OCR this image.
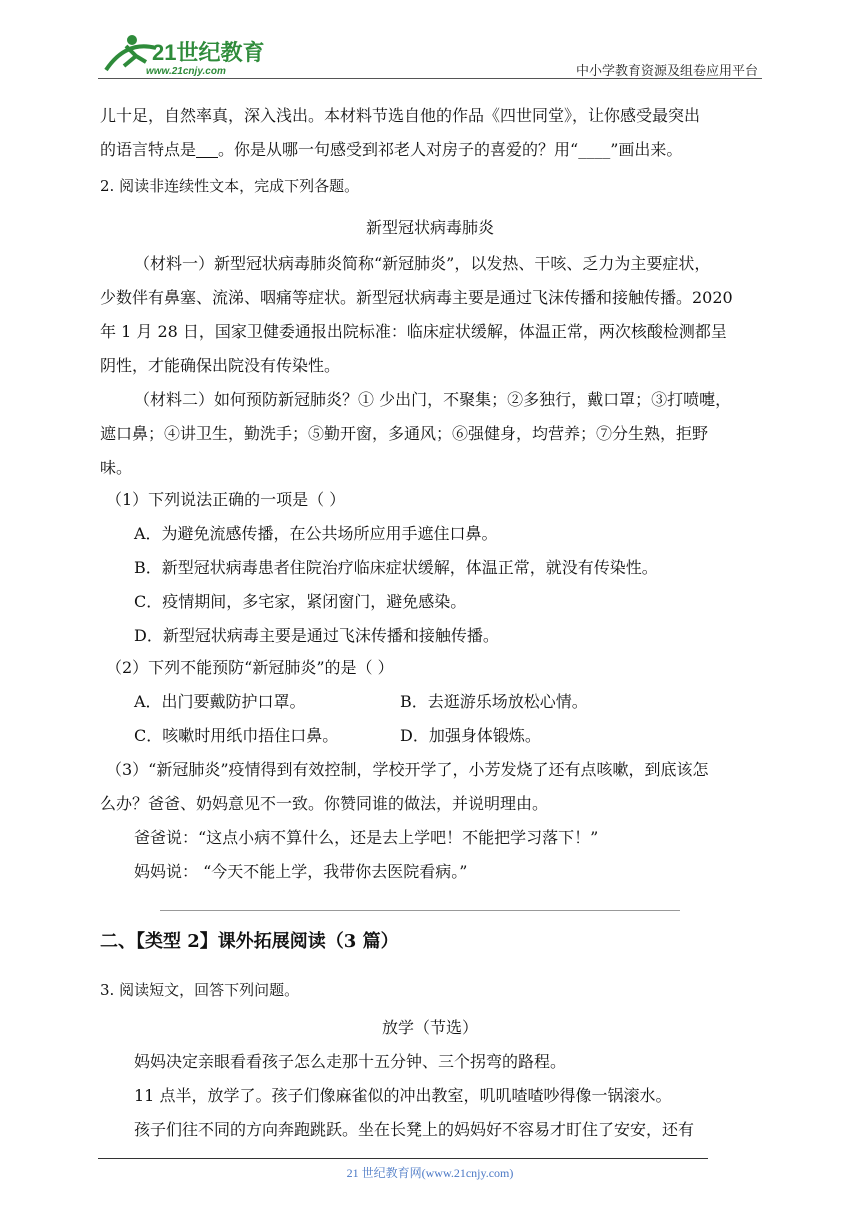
21世纪教育
www.21cnjy.com	中小学教育资源及组卷应用平台
儿十足，自然率真，深入浅出。本材料节选自他的作品《四世同堂》，让你感受最突出
的语言特点是 。你是从哪一句感受到祁老人对房子的喜爱的？用“____”画出来。
2. 阅读非连续性文本，完成下列各题。
新型冠状病毒肺炎
（材料一）新型冠状病毒肺炎简称“新冠肺炎”，以发热、干咳、乏力为主要症状，
少数伴有鼻塞、流涕、咽痛等症状。新型冠状病毒主要是通过飞沫传播和接触传播。2020
年 1 月 28 日，国家卫健委通报出院标准：临床症状缓解，体温正常，两次核酸检测都呈
阴性，才能确保出院没有传染性。
（材料二）如何预防新冠肺炎？① 少出门，不聚集；②多独行，戴口罩；③打喷嚏，
遮口鼻；④讲卫生，勤洗手；⑤勤开窗，多通风；⑥强健身，均营养；⑦分生熟，拒野
味。
（1）下列说法正确的一项是（ ）
A．为避免流感传播，在公共场所应用手遮住口鼻。
B．新型冠状病毒患者住院治疗临床症状缓解，体温正常，就没有传染性。
C．疫情期间，多宅家，紧闭窗门，避免感染。
D．新型冠状病毒主要是通过飞沫传播和接触传播。
（2）下列不能预防“新冠肺炎”的是（ ）
A．出门要戴防护口罩。	B．去逛游乐场放松心情。
C．咳嗽时用纸巾捂住口鼻。	D．加强身体锻炼。
（3）“新冠肺炎”疫情得到有效控制，学校开学了，小芳发烧了还有点咳嗽，到底该怎
么办？爸爸、奶妈意见不一致。你赞同谁的做法，并说明理由。
爸爸说：“这点小病不算什么，还是去上学吧！不能把学习落下！”
妈妈说： “今天不能上学，我带你去医院看病。”
二、【类型 2】课外拓展阅读（3 篇）
3. 阅读短文，回答下列问题。
放学（节选）
妈妈决定亲眼看看孩子怎么走那十五分钟、三个拐弯的路程。
11 点半，放学了。孩子们像麻雀似的冲出教室，叽叽喳喳吵得像一锅滚水。
孩子们往不同的方向奔跑跳跃。坐在长凳上的妈妈好不容易才盯住了安安，还有
21 世纪教育网(www.21cnjy.com)
